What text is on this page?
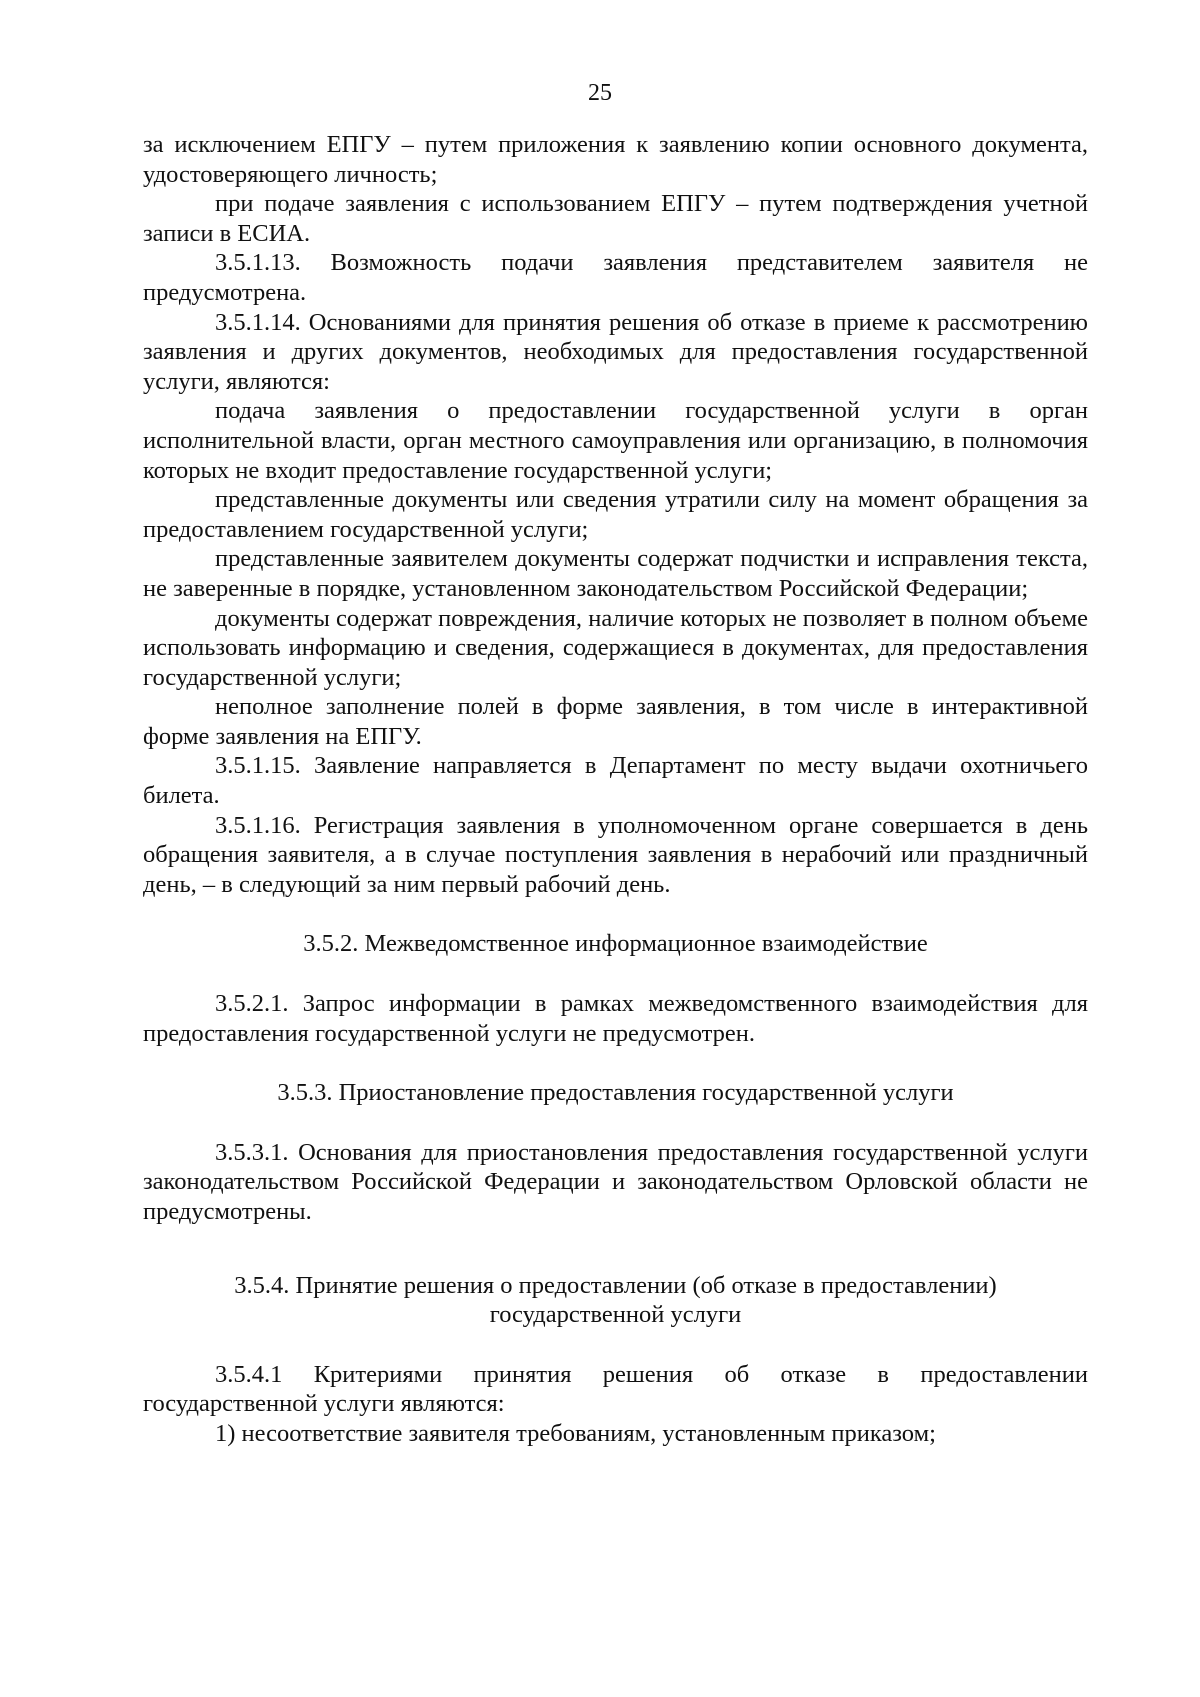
25

за исключением ЕПГУ – путем приложения к заявлению копии основного документа, удостоверяющего личность;

при подаче заявления с использованием ЕПГУ – путем подтверждения учетной записи в ЕСИА.

3.5.1.13. Возможность подачи заявления представителем заявителя не предусмотрена.

3.5.1.14. Основаниями для принятия решения об отказе в приеме к рассмотрению заявления и других документов, необходимых для предоставления государственной услуги, являются:

подача заявления о предоставлении государственной услуги в орган исполнительной власти, орган местного самоуправления или организацию, в полномочия которых не входит предоставление государственной услуги;

представленные документы или сведения утратили силу на момент обращения за предоставлением государственной услуги;

представленные заявителем документы содержат подчистки и исправления текста, не заверенные в порядке, установленном законодательством Российской Федерации;

документы содержат повреждения, наличие которых не позволяет в полном объеме использовать информацию и сведения, содержащиеся в документах, для предоставления государственной услуги;

неполное заполнение полей в форме заявления, в том числе в интерактивной форме заявления на ЕПГУ.

3.5.1.15. Заявление направляется в Департамент по месту выдачи охотничьего билета.

3.5.1.16. Регистрация заявления в уполномоченном органе совершается в день обращения заявителя, а в случае поступления заявления в нерабочий или праздничный день, – в следующий за ним первый рабочий день.

3.5.2. Межведомственное информационное взаимодействие

3.5.2.1. Запрос информации в рамках межведомственного взаимодействия для предоставления государственной услуги не предусмотрен.

3.5.3. Приостановление предоставления государственной услуги

3.5.3.1. Основания для приостановления предоставления государственной услуги законодательством Российской Федерации и законодательством Орловской области не предусмотрены.

3.5.4. Принятие решения о предоставлении (об отказе в предоставлении)
государственной услуги

3.5.4.1 Критериями принятия решения об отказе в предоставлении государственной услуги являются:

1) несоответствие заявителя требованиям, установленным приказом;
